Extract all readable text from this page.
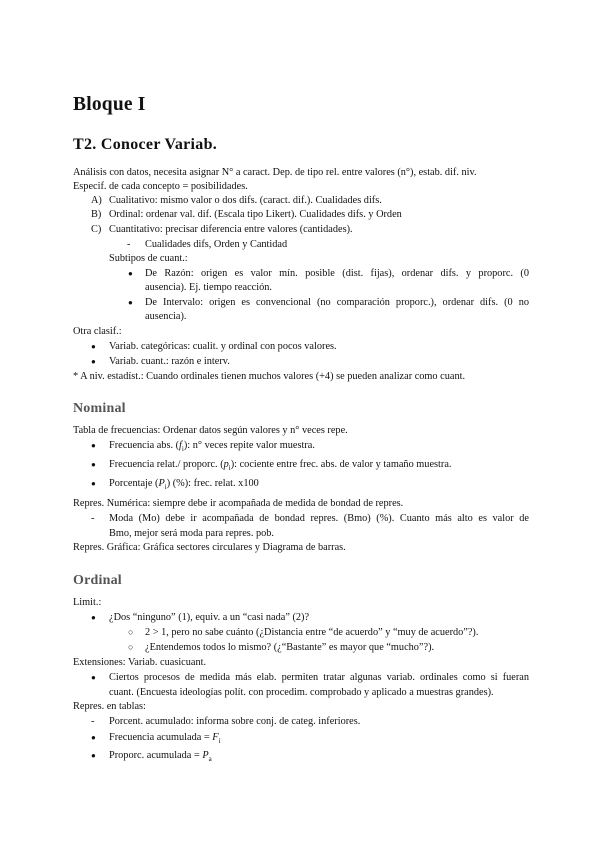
Bloque I
T2. Conocer Variab.
Análisis con datos, necesita asignar N° a caract. Dep. de tipo rel. entre valores (n°), estab. dif. niv.
Especif. de cada concepto = posibilidades.
A) Cualitativo: mismo valor o dos difs. (caract. dif.). Cualidades difs.
B) Ordinal: ordenar val. dif. (Escala tipo Likert). Cualidades difs. y Orden
C) Cuantitativo: precisar diferencia entre valores (cantidades).
- Cualidades difs, Orden y Cantidad
Subtipos de cuant.:
● De Razón: origen es valor mín. posible (dist. fijas), ordenar difs. y proporc. (0
ausencia). Ej. tiempo reacción.
● De Intervalo: origen es convencional (no comparación proporc.), ordenar difs. (0 no
ausencia).
Otra clasif.:
● Variab. categóricas: cualit. y ordinal con pocos valores.
● Variab. cuant.: razón e interv.
* A niv. estadíst.: Cuando ordinales tienen muchos valores (+4) se pueden analizar como cuant.
Nominal
Tabla de frecuencias: Ordenar datos según valores y n° veces repe.
● Frecuencia abs. $(f_i)$: n° veces repite valor muestra.
● Frecuencia relat./ proporc. $(p_i)$: cociente entre frec. abs. de valor y tamaño muestra.
● Porcentaje $(P_i)$ (%): frec. relat. x100
Repres. Numérica: siempre debe ir acompañada de medida de bondad de repres.
- Moda (Mo) debe ir acompañada de bondad repres. (Bmo) (%). Cuanto más alto es valor de
Bmo, mejor será moda para repres. pob.
Repres. Gráfica: Gráfica sectores circulares y Diagrama de barras.
Ordinal
Limit.:
● ¿Dos “ninguno” (1), equiv. a un “casi nada” (2)?
○ 2 > 1, pero no sabe cuánto (¿Distancia entre “de acuerdo” y “muy de acuerdo”?).
○ ¿Entendemos todos lo mismo? (¿“Bastante” es mayor que “mucho”?).
Extensiones: Variab. cuasicuant.
● Ciertos procesos de medida más elab. permiten tratar algunas variab. ordinales como si fueran
cuant. (Encuesta ideologías polít. con procedim. comprobado y aplicado a muestras grandes).
Repres. en tablas:
- Porcent. acumulado: informa sobre conj. de categ. inferiores.
● Frecuencia acumulada = $F_i$
● Proporc. acumulada = $P_a$
